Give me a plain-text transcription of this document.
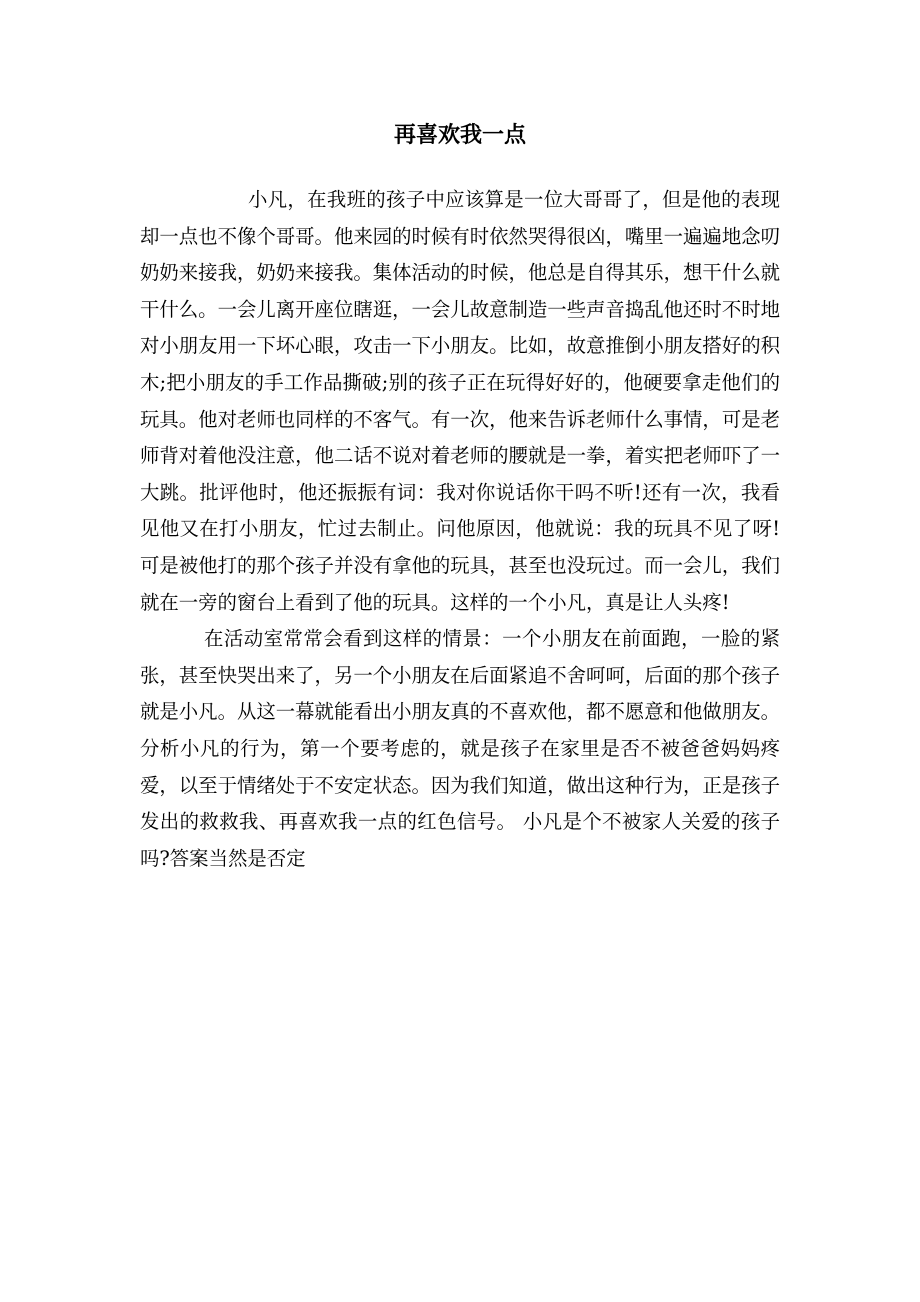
再喜欢我一点

小凡，在我班的孩子中应该算是一位大哥哥了，但是他的表现却一点也不像个哥哥。他来园的时候有时依然哭得很凶，嘴里一遍遍地念叨奶奶来接我，奶奶来接我。集体活动的时候，他总是自得其乐，想干什么就干什么。一会儿离开座位瞎逛，一会儿故意制造一些声音捣乱他还时不时地对小朋友用一下坏心眼，攻击一下小朋友。比如，故意推倒小朋友搭好的积木;把小朋友的手工作品撕破;别的孩子正在玩得好好的，他硬要拿走他们的玩具。他对老师也同样的不客气。有一次，他来告诉老师什么事情，可是老师背对着他没注意，他二话不说对着老师的腰就是一拳，着实把老师吓了一大跳。批评他时，他还振振有词：我对你说话你干吗不听!还有一次，我看见他又在打小朋友，忙过去制止。问他原因，他就说：我的玩具不见了呀!可是被他打的那个孩子并没有拿他的玩具，甚至也没玩过。而一会儿，我们就在一旁的窗台上看到了他的玩具。这样的一个小凡，真是让人头疼!

在活动室常常会看到这样的情景：一个小朋友在前面跑，一脸的紧张，甚至快哭出来了，另一个小朋友在后面紧追不舍呵呵，后面的那个孩子就是小凡。从这一幕就能看出小朋友真的不喜欢他，都不愿意和他做朋友。 分析小凡的行为，第一个要考虑的，就是孩子在家里是否不被爸爸妈妈疼爱，以至于情绪处于不安定状态。因为我们知道，做出这种行为，正是孩子发出的救救我、再喜欢我一点的红色信号。 小凡是个不被家人关爱的孩子吗?答案当然是否定
